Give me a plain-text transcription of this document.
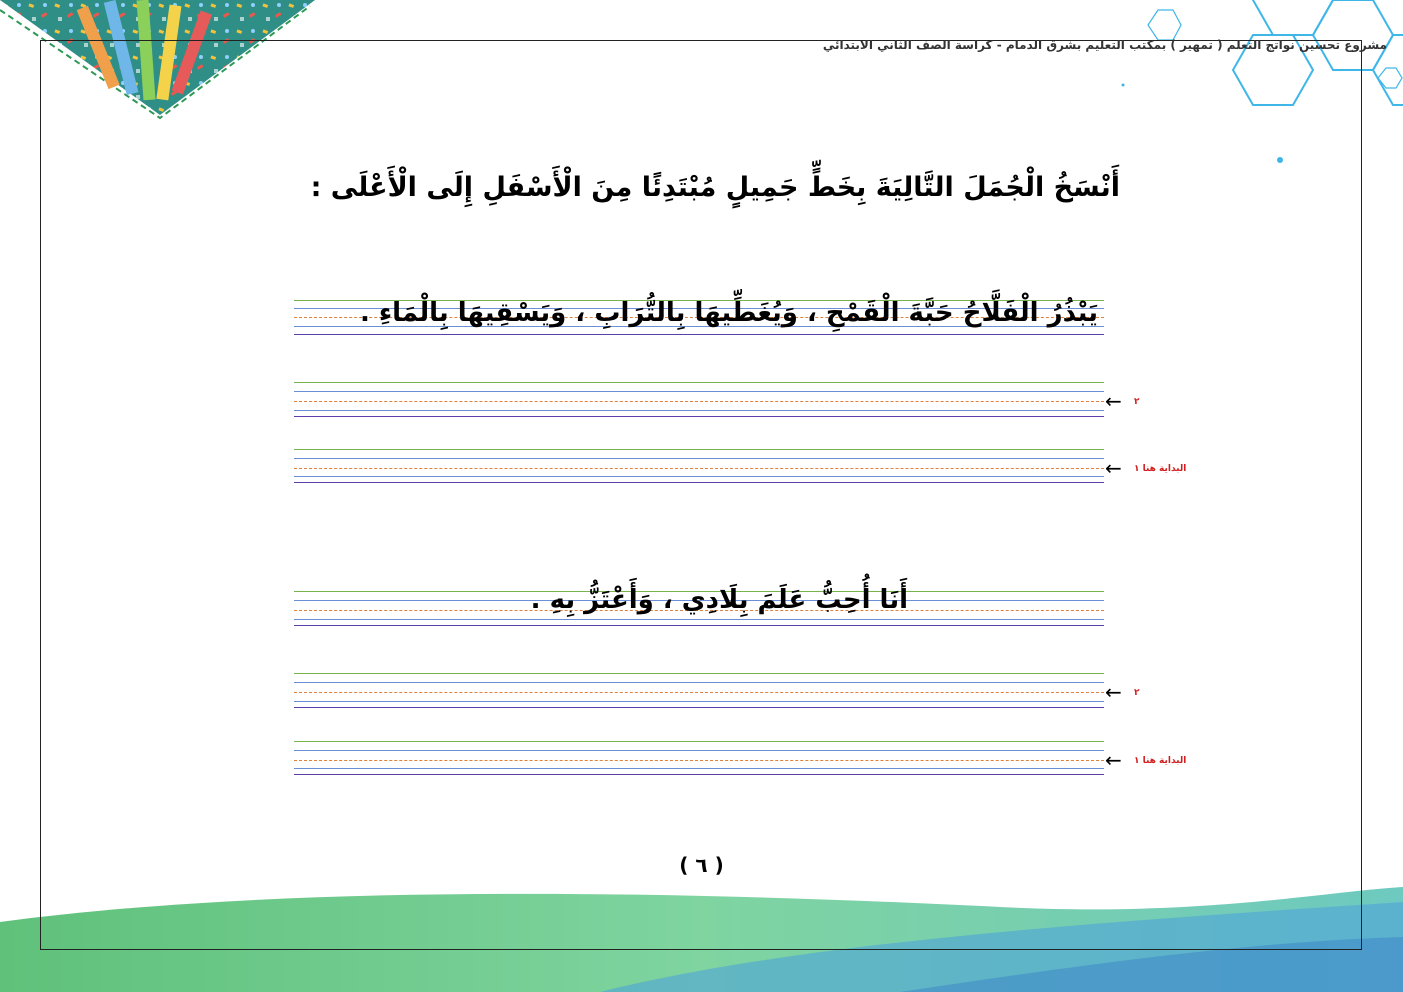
مشروع تحسين نواتج التعلم ( تمهير ) بمكتب التعليم بشرق الدمام - كراسة الصف الثاني الابتدائي
أَنْسَخُ الْجُمَلَ التَّالِيَةَ بِخَطٍّ جَمِيلٍ مُبْتَدِئًا مِنَ الْأَسْفَلِ إِلَى الْأَعْلَى :
يَبْذُرُ الْفَلَّاحُ حَبَّةَ الْقَمْحِ ، وَيُغَطِّيهَا بِالتُّرَابِ ، وَيَسْقِيهَا بِالْمَاءِ .
← ٢
← البداية هنا ١
أَنَا أُحِبُّ عَلَمَ بِلَادِي ، وَأَعْتَزُّ بِهِ .
← ٢
← البداية هنا ١
( ٦ )
